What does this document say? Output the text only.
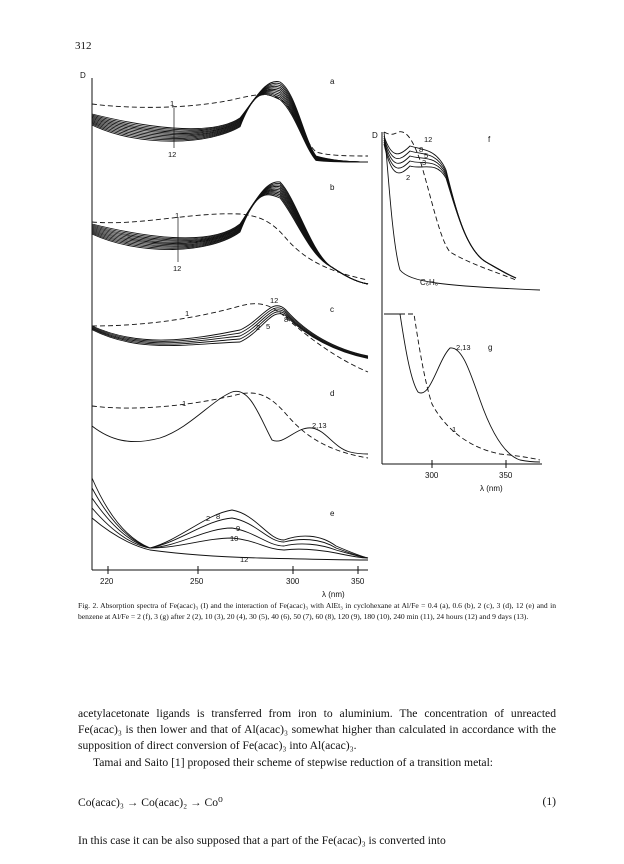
312
D
220	250	300	350
λ (nm)
a
b
c
d
e
f
g
1
12
1
12
1
12
2 5
8
1
2,13
2 8
9
10
12
D
300	350
λ (nm)
12
8
5
3
2
C₆H₆
2,13
1
Fig. 2. Absorption spectra of Fe(acac)₃ (I) and the interaction of Fe(acac)₃ with AlEt₃ in cyclohexane at Al/Fe = 0.4 (a), 0.6 (b), 2 (c), 3 (d), 12 (e) and in benzene at Al/Fe = 2 (f), 3 (g) after 2 (2), 10 (3), 20 (4), 30 (5), 40 (6), 50 (7), 60 (8), 120 (9), 180 (10), 240 min (11), 24 hours (12) and 9 days (13).

acetylacetonate ligands is transferred from iron to aluminium. The concentration of unreacted Fe(acac)₃ is then lower and that of Al(acac)₃ somewhat higher than calculated in accordance with the supposition of direct conversion of Fe(acac)₃ into Al(acac)₃.

Tamai and Saito [1] proposed their scheme of stepwise reduction of a transition metal:

Co(acac)₃ → Co(acac)₂ → Co⁰	(1)

In this case it can be also supposed that a part of the Fe(acac)₃ is converted into
